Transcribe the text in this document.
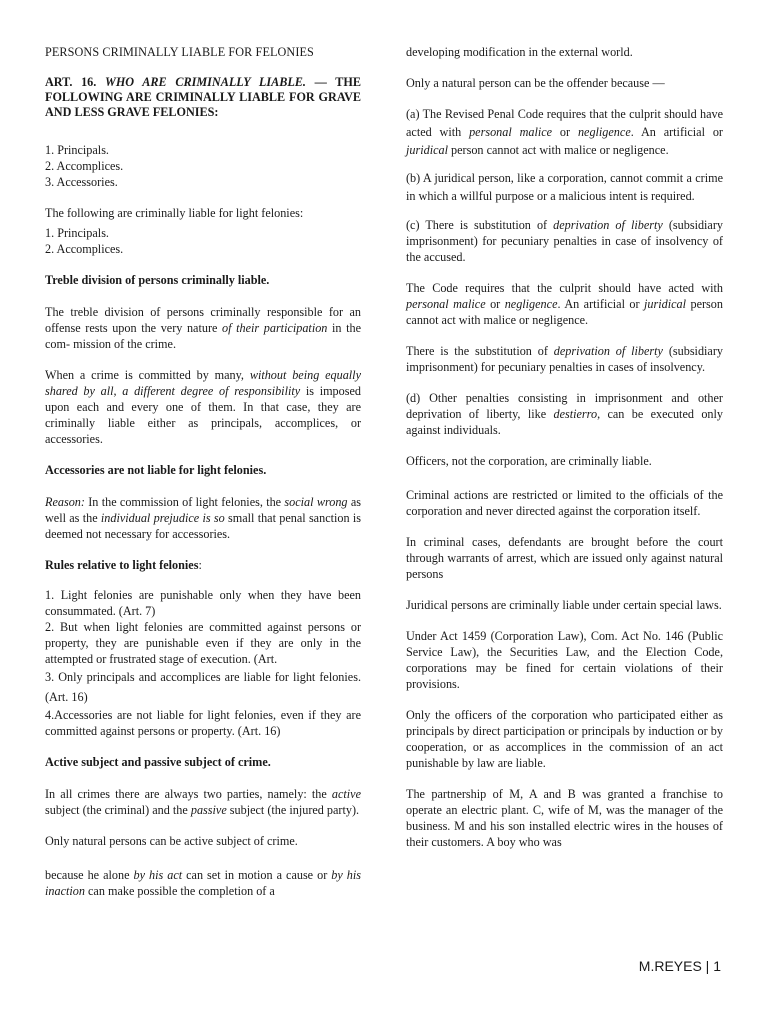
PERSONS CRIMINALLY LIABLE FOR FELONIES
ART. 16. WHO ARE CRIMINALLY LIABLE. — THE FOLLOWING ARE CRIMINALLY LIABLE FOR GRAVE AND LESS GRAVE FELONIES:
1. Principals.
2. Accomplices.
3. Accessories.

The following are criminally liable for light felonies:

1. Principals.
2. Accomplices.
Treble division of persons criminally liable.

The treble division of persons criminally responsible for an offense rests upon the very nature of their participation in the com- mission of the crime.

When a crime is committed by many, without being equally shared by all, a different degree of responsibility is imposed upon each and every one of them. In that case, they are criminally liable either as principals, accomplices, or accessories.

Accessories are not liable for light felonies.

Reason: In the commission of light felonies, the social wrong as well as the individual prejudice is so small that penal sanction is deemed not necessary for accessories.

Rules relative to light felonies:
1. Light felonies are punishable only when they have been consummated. (Art. 7)
2. But when light felonies are committed against persons or property, they are punishable even if they are only in the attempted or frustrated stage of execution. (Art.
3. Only principals and accomplices are liable for light felonies. (Art. 16)
4.Accessories are not liable for light felonies, even if they are committed against persons or property. (Art. 16)
Active subject and passive subject of crime.

In all crimes there are always two parties, namely: the active subject (the criminal) and the passive subject (the injured party).

Only natural persons can be active subject of crime.

because he alone by his act can set in motion a cause or by his inaction can make possible the completion of a

developing modification in the external world.

Only a natural person can be the offender because —

(a) The Revised Penal Code requires that the culprit should have acted with personal malice or negligence. An artificial or juridical person cannot act with malice or negligence.

(b) A juridical person, like a corporation, cannot commit a crime in which a willful purpose or a malicious intent is required.

(c) There is substitution of deprivation of liberty (subsidiary imprisonment) for pecuniary penalties in case of insolvency of the accused.

The Code requires that the culprit should have acted with personal malice or negligence. An artificial or juridical person cannot act with malice or negligence.

There is the substitution of deprivation of liberty (subsidiary imprisonment) for pecuniary penalties in cases of insolvency.

(d) Other penalties consisting in imprisonment and other deprivation of liberty, like destierro, can be executed only against individuals.

Officers, not the corporation, are criminally liable.

Criminal actions are restricted or limited to the officials of the corporation and never directed against the corporation itself.

In criminal cases, defendants are brought before the court through warrants of arrest, which are issued only against natural persons

Juridical persons are criminally liable under certain special laws.

Under Act 1459 (Corporation Law), Com. Act No. 146 (Public Service Law), the Securities Law, and the Election Code, corporations may be fined for certain violations of their provisions.

Only the officers of the corporation who participated either as principals by direct participation or principals by induction or by cooperation, or as accomplices in the commission of an act punishable by law are liable.

The partnership of M, A and B was granted a franchise to operate an electric plant. C, wife of M, was the manager of the business. M and his son installed electric wires in the houses of their customers. A boy who was

M.REYES | 1
